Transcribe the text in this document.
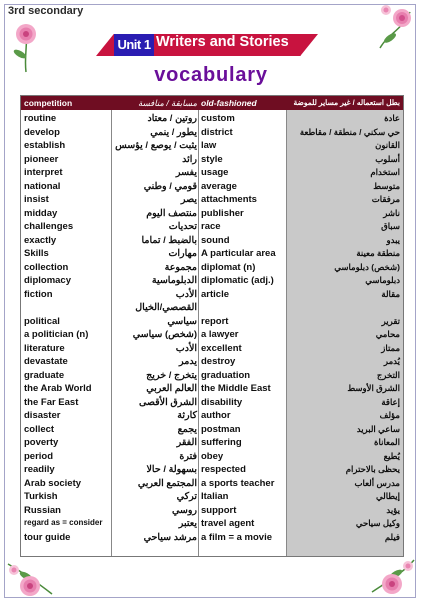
3rd secondary
Unit 1 Writers and Stories
vocabulary
competition	مسابقة / منافسة old-fashioned	بطل استعماله / غير مساير للموضة
routine	روتين / معتاد custom	عادة
develop	يطور / ينمي district	حي سكني / منطقة / مقاطعة
establish	يثبت / يوصع / يؤسس law	القانون
pioneer	رائد style	أسلوب
interpret	يفسر usage	استخدام
national	قومي / وطني average	متوسط
insist	يصر attachments	مرفقات
midday	منتصف اليوم publisher	ناشر
challenges	تحديات race	سباق
exactly	بالضبط / تماما sound	يبدو
Skills	مهارات A particular area	منطقة معينة
collection	مجموعة diplomat (n)	(شخص) دبلوماسي
diplomacy	الدبلوماسية diplomatic (adj.)	دبلوماسي
fiction	الأدب article	مقالة
القصصي/الخيال
political	سياسي report	تقرير
a politician (n)	(شخص) سياسي a lawyer	محامي
literature	الأدب excellent	ممتاز
devastate	يدمر destroy	يُدمر
graduate	يتخرج / خريج graduation	التخرج
the Arab World	العالم العربي the Middle East	الشرق الأوسط
the Far East	الشرق الأقصى disability	إعاقة
disaster	كارثة author	مؤلف
collect	يجمع postman	ساعي البريد
poverty	الفقر suffering	المعاناة
period	فترة obey	يُطيع
readily	بسهولة / حالا respected	يحظى بالاحترام
Arab society	المجتمع العربي a sports teacher	مدرس ألعاب
Turkish	تركي Italian	إيطالي
Russian	روسي support	يؤيد
regard as = consider	يعتبر travel agent	وكيل سياحي
tour guide	مرشد سياحي a film = a movie	فيلم
